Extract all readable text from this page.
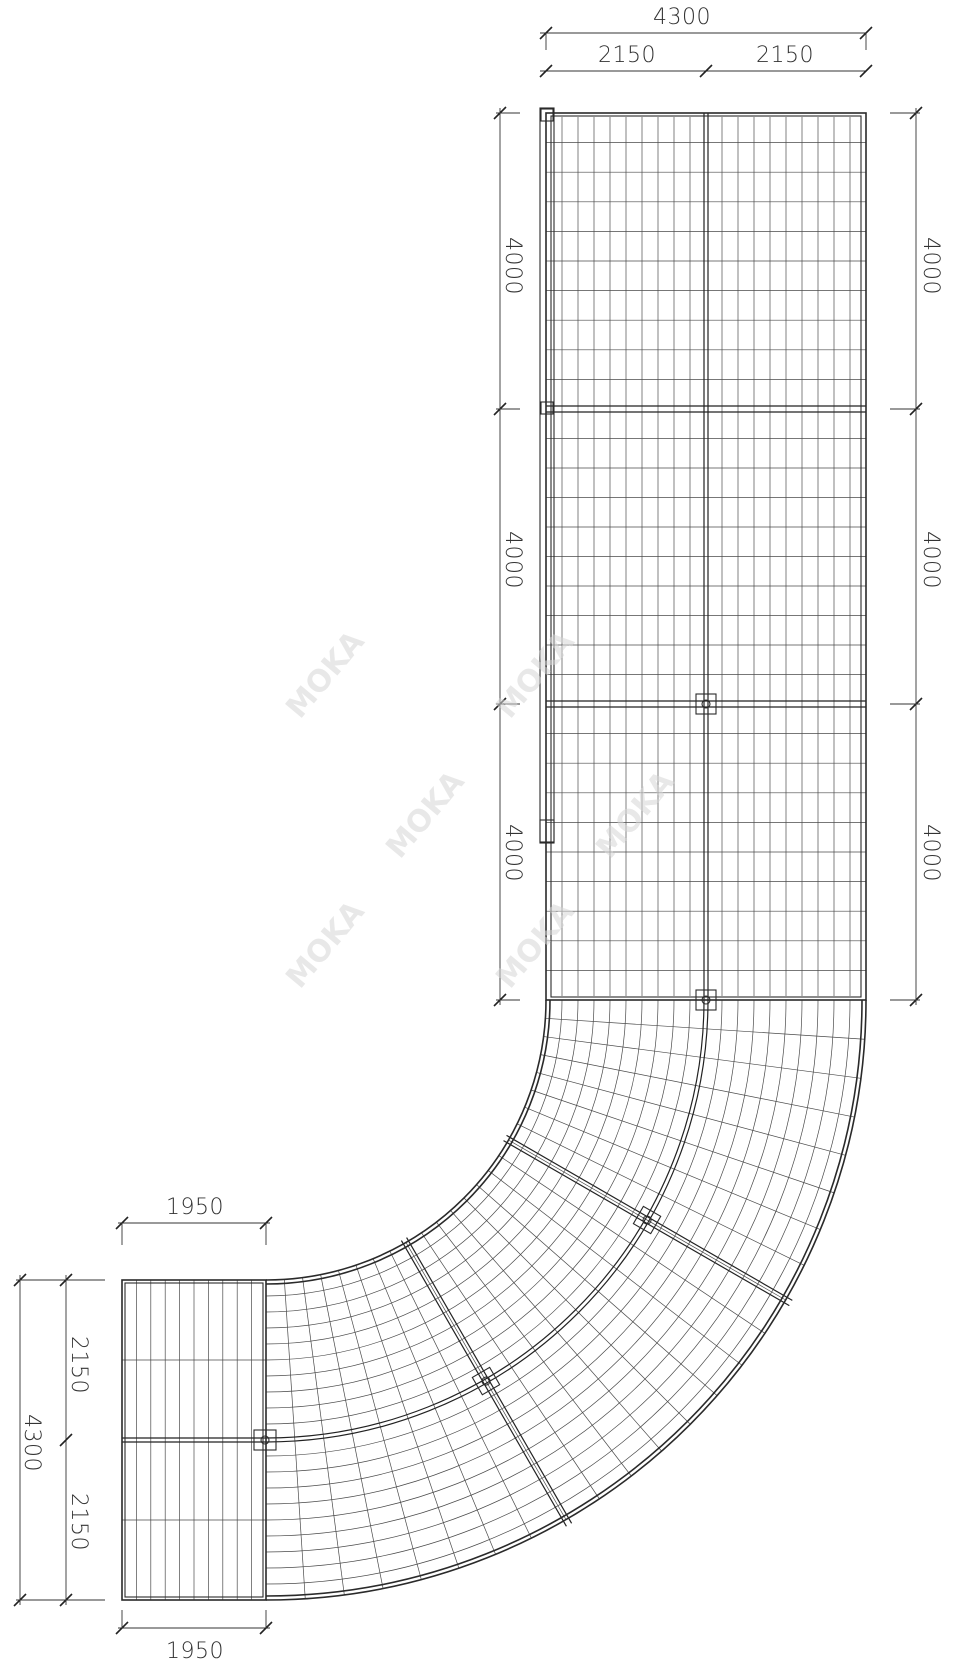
4300
2150	2150
4000
4000
4000
4000
4000
4000
1950
1950
4300
2150
2150
MOKA	MOKA
MOKA	MOKA
MOKA	MOKA
